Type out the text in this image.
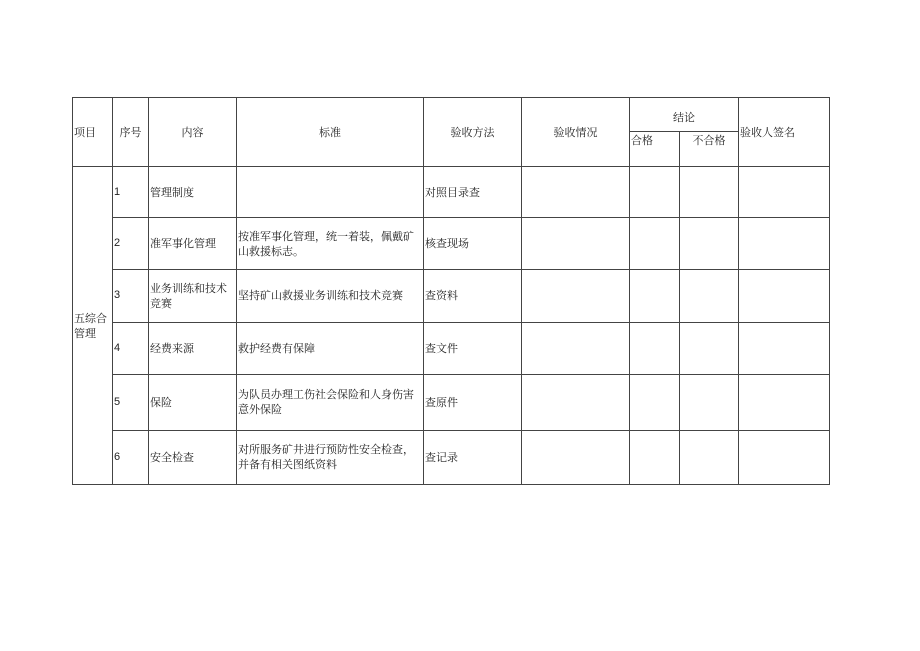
项目	序号	内容	标准	验收方法	验收情况	结论		验收人签名
						合格	不合格	
五综合管理	1	管理制度		对照目录查				
	2	准军事化管理	按准军事化管理，统一着装，佩戴矿山救援标志。	核查现场				
	3	业务训练和技术竞赛	坚持矿山救援业务训练和技术竞赛	查资料				
	4	经费来源	救护经费有保障	查文件				
	5	保险	为队员办理工伤社会保险和人身伤害意外保险	查原件				
	6	安全检查	对所服务矿井进行预防性安全检查，并备有相关图纸资料	查记录				
